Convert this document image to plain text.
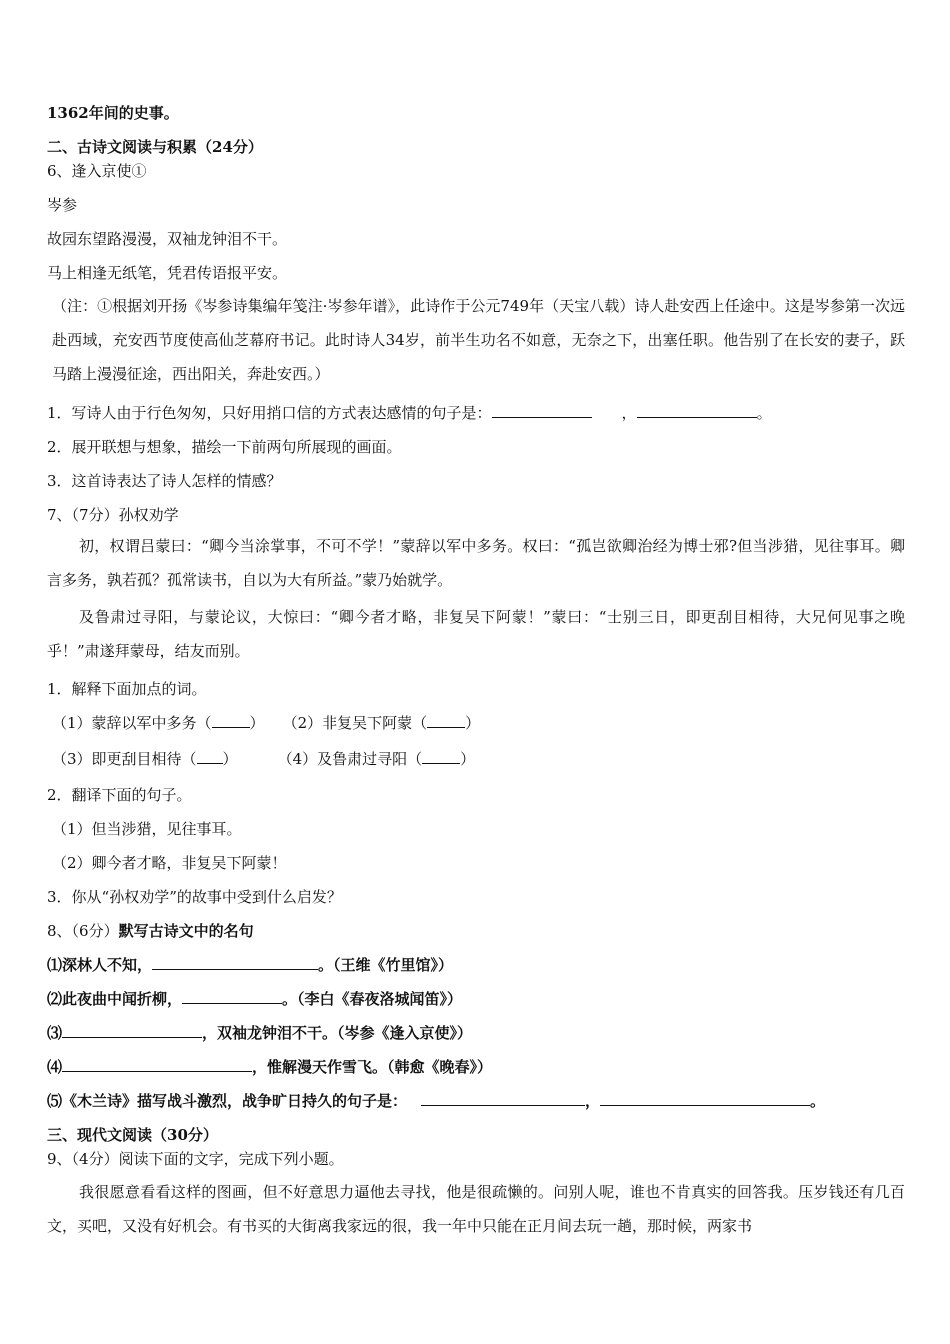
1362年间的史事。
二、古诗文阅读与积累（24分）
6、逢入京使➀
岑参
故园东望路漫漫，双袖龙钟泪不干。
马上相逢无纸笔，凭君传语报平安。
（注：➀根据刘开扬《岑参诗集编年笺注·岑参年谱》，此诗作于公元749年（天宝八载）诗人赴安西上任途中。这是岑参第一次远赴西域，充安西节度使高仙芝幕府书记。此时诗人34岁，前半生功名不如意，无奈之下，出塞任职。他告别了在长安的妻子，跃马踏上漫漫征途，西出阳关，奔赴安西。）
1．写诗人由于行色匆匆，只好用捎口信的方式表达感情的句子是：	，	。
2．展开联想与想象，描绘一下前两句所展现的画面。
3．这首诗表达了诗人怎样的情感？
7、（7分）孙权劝学
初，权谓吕蒙曰：“卿今当涂掌事，不可不学！”蒙辞以军中多务。权曰：“孤岂欲卿治经为博士邪?但当涉猎，见往事耳。卿言多务，孰若孤？孤常读书，自以为大有所益。”蒙乃始就学。
及鲁肃过寻阳，与蒙论议，大惊曰：“卿今者才略，非复吴下阿蒙！”蒙曰：“士别三日，即更刮目相待，大兄何见事之晚乎！”肃遂拜蒙母，结友而别。
1．解释下面加点的词。
（1）蒙辞以军中多务（	） （2）非复吴下阿蒙（	）
（3）即更刮目相待（ ）	（4）及鲁肃过寻阳（	）
2．翻译下面的句子。
（1）但当涉猎，见往事耳。
（2）卿今者才略，非复吴下阿蒙！
3．你从“孙权劝学”的故事中受到什么启发？
8、（6分）默写古诗文中的名句
⑴深林人不知，	。（王维《竹里馆》）
⑵此夜曲中闻折柳，	。（李白《春夜洛城闻笛》）
⑶	，双袖龙钟泪不干。（岑参《逢入京使》）
⑷	，惟解漫天作雪飞。（韩愈《晚春》）
⑸《木兰诗》描写战斗激烈，战争旷日持久的句子是：	，	。
三、现代文阅读（30分）
9、（4分）阅读下面的文字，完成下列小题。
我很愿意看看这样的图画，但不好意思力逼他去寻找，他是很疏懒的。问别人呢，谁也不肯真实的回答我。压岁钱还有几百文，买吧，又没有好机会。有书买的大街离我家远的很，我一年中只能在正月间去玩一趟，那时候，两家书
